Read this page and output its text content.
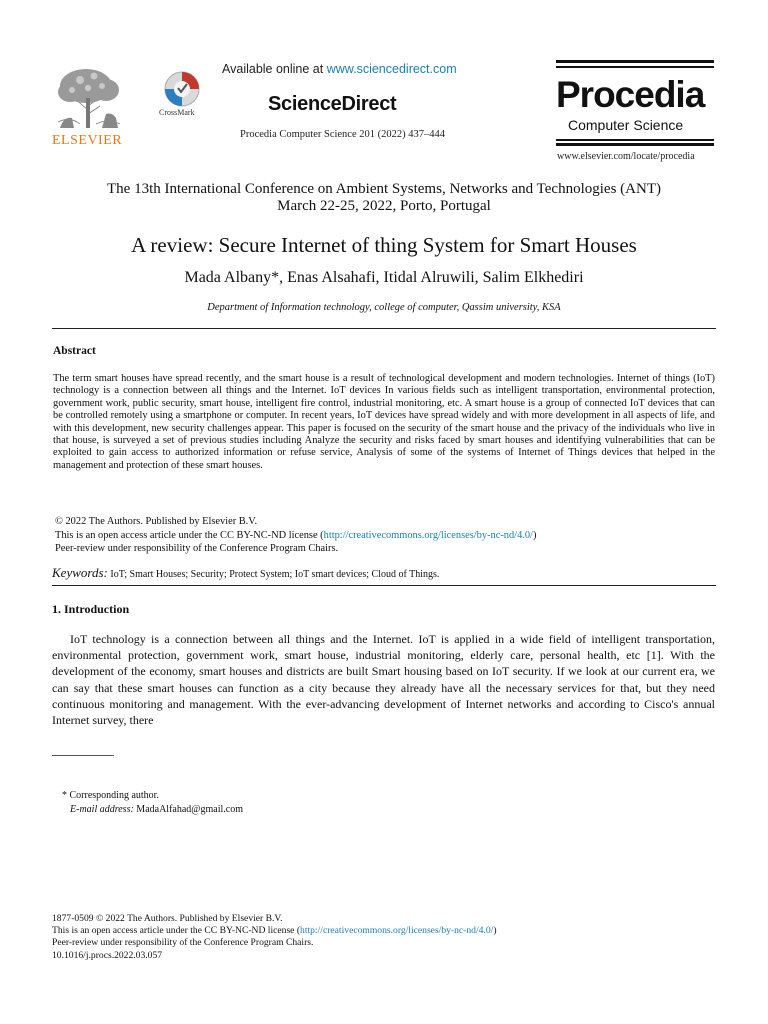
ELSEVIER
CrossMark
Available online at www.sciencedirect.com
ScienceDirect
Procedia Computer Science 201 (2022) 437–444
Procedia
Computer Science
www.elsevier.com/locate/procedia
The 13th International Conference on Ambient Systems, Networks and Technologies (ANT)
March 22-25, 2022, Porto, Portugal
A review: Secure Internet of thing System for Smart Houses
Mada Albany*, Enas Alsahafi, Itidal Alruwili, Salim Elkhediri
Department of Information technology, college of computer, Qassim university, KSA
Abstract
The term smart houses have spread recently, and the smart house is a result of technological development and modern technologies. Internet of things (IoT) technology is a connection between all things and the Internet. IoT devices In various fields such as intelligent transportation, environmental protection, government work, public security, smart house, intelligent fire control, industrial monitoring, etc. A smart house is a group of connected IoT devices that can be controlled remotely using a smartphone or computer. In recent years, IoT devices have spread widely and with more development in all aspects of life, and with this development, new security challenges appear. This paper is focused on the security of the smart house and the privacy of the individuals who live in that house, is surveyed a set of previous studies including Analyze the security and risks faced by smart houses and identifying vulnerabilities that can be exploited to gain access to authorized information or refuse service, Analysis of some of the systems of Internet of Things devices that helped in the management and protection of these smart houses.
© 2022 The Authors. Published by Elsevier B.V.
This is an open access article under the CC BY-NC-ND license (http://creativecommons.org/licenses/by-nc-nd/4.0/)
Peer-review under responsibility of the Conference Program Chairs.
Keywords: IoT; Smart Houses; Security; Protect System; IoT smart devices; Cloud of Things.
1. Introduction
IoT technology is a connection between all things and the Internet. IoT is applied in a wide field of intelligent transportation, environmental protection, government work, smart house, industrial monitoring, elderly care, personal health, etc [1]. With the development of the economy, smart houses and districts are built Smart housing based on IoT security. If we look at our current era, we can say that these smart houses can function as a city because they already have all the necessary services for that, but they need continuous monitoring and management. With the ever-advancing development of Internet networks and according to Cisco's annual Internet survey, there
* Corresponding author.
E-mail address: MadaAlfahad@gmail.com
1877-0509 © 2022 The Authors. Published by Elsevier B.V.
This is an open access article under the CC BY-NC-ND license (http://creativecommons.org/licenses/by-nc-nd/4.0/)
Peer-review under responsibility of the Conference Program Chairs.
10.1016/j.procs.2022.03.057
